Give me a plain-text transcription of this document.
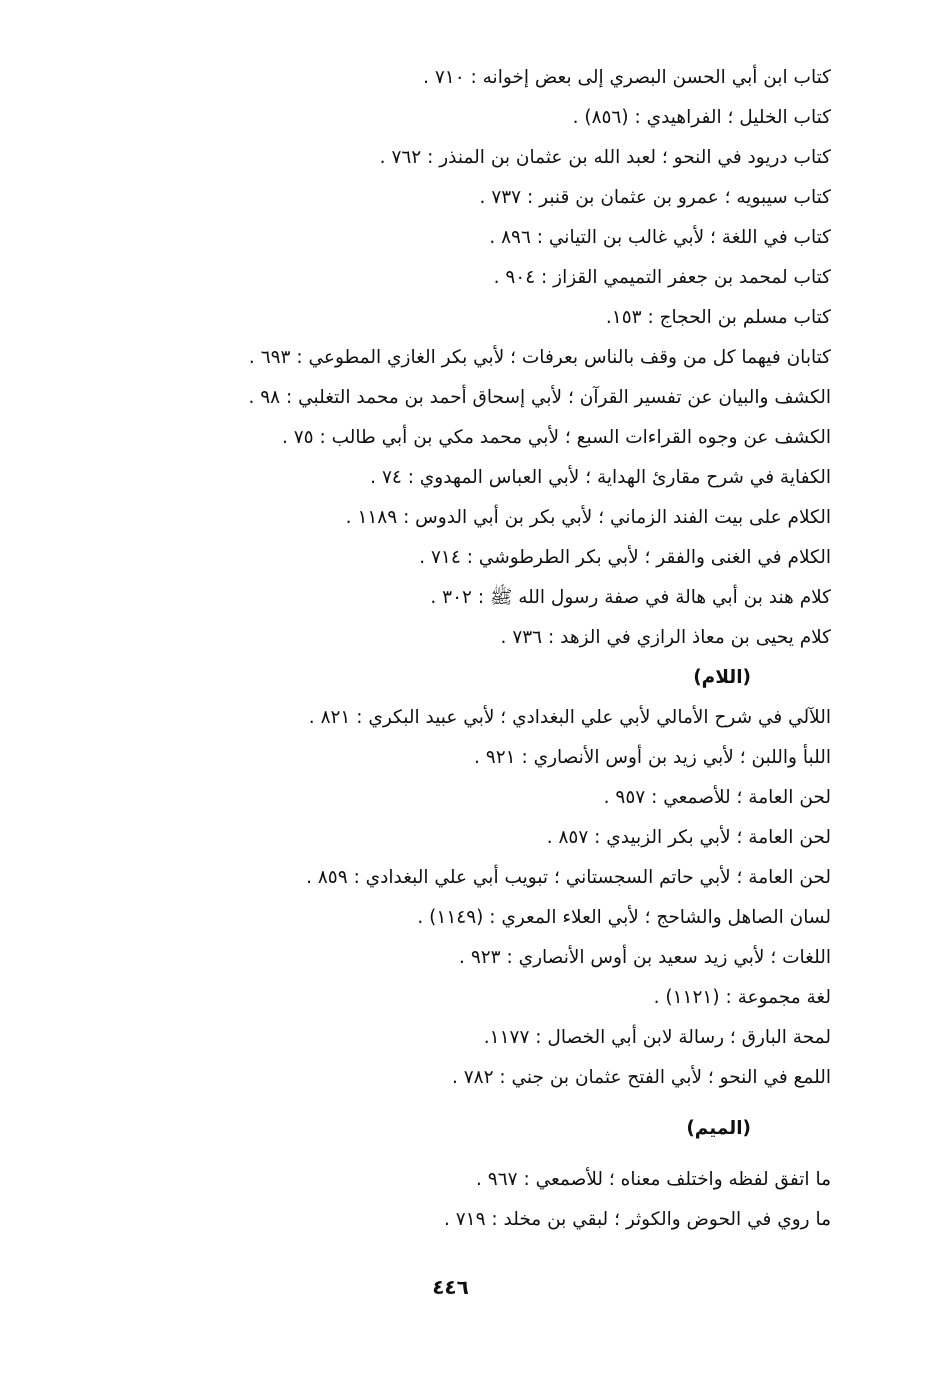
كتاب ابن أبي الحسن البصري إلى بعض إخوانه : ٧١٠ .
كتاب الخليل ؛ الفراهيدي : (٨٥٦) .
كتاب دريود في النحو ؛ لعبد الله بن عثمان بن المنذر : ٧٦٢ .
كتاب سيبويه ؛ عمرو بن عثمان بن قنبر : ٧٣٧ .
كتاب في اللغة ؛ لأبي غالب بن التياني : ٨٩٦ .
كتاب لمحمد بن جعفر التميمي القزاز : ٩٠٤ .
كتاب مسلم بن الحجاج : ١٥٣.
كتابان فيهما كل من وقف بالناس بعرفات ؛ لأبي بكر الغازي المطوعي : ٦٩٣ .
الكشف والبيان عن تفسير القرآن ؛ لأبي إسحاق أحمد بن محمد التغلبي : ٩٨ .
الكشف عن وجوه القراءات السبع ؛ لأبي محمد مكي بن أبي طالب : ٧٥ .
الكفاية في شرح مقارئ الهداية ؛ لأبي العباس المهدوي : ٧٤ .
الكلام على بيت الفند الزماني ؛ لأبي بكر بن أبي الدوس : ١١٨٩ .
الكلام في الغنى والفقر ؛ لأبي بكر الطرطوشي : ٧١٤ .
كلام هند بن أبي هالة في صفة رسول الله ﷺ : ٣٠٢ .
كلام يحيى بن معاذ الرازي في الزهد : ٧٣٦ .
(اللام)
اللآلي في شرح الأمالي لأبي علي البغدادي ؛ لأبي عبيد البكري : ٨٢١ .
اللبأ واللبن ؛ لأبي زيد بن أوس الأنصاري : ٩٢١ .
لحن العامة ؛ للأصمعي : ٩٥٧ .
لحن العامة ؛ لأبي بكر الزبيدي : ٨٥٧ .
لحن العامة ؛ لأبي حاتم السجستاني ؛ تبويب أبي علي البغدادي : ٨٥٩ .
لسان الصاهل والشاحج ؛ لأبي العلاء المعري : (١١٤٩) .
اللغات ؛ لأبي زيد سعيد بن أوس الأنصاري : ٩٢٣ .
لغة مجموعة : (١١٢١) .
لمحة البارق ؛ رسالة لابن أبي الخصال : ١١٧٧.
اللمع في النحو ؛ لأبي الفتح عثمان بن جني : ٧٨٢ .
(الميم)
ما اتفق لفظه واختلف معناه ؛ للأصمعي : ٩٦٧ .
ما روي في الحوض والكوثر ؛ لبقي بن مخلد : ٧١٩ .
٤٤٦
